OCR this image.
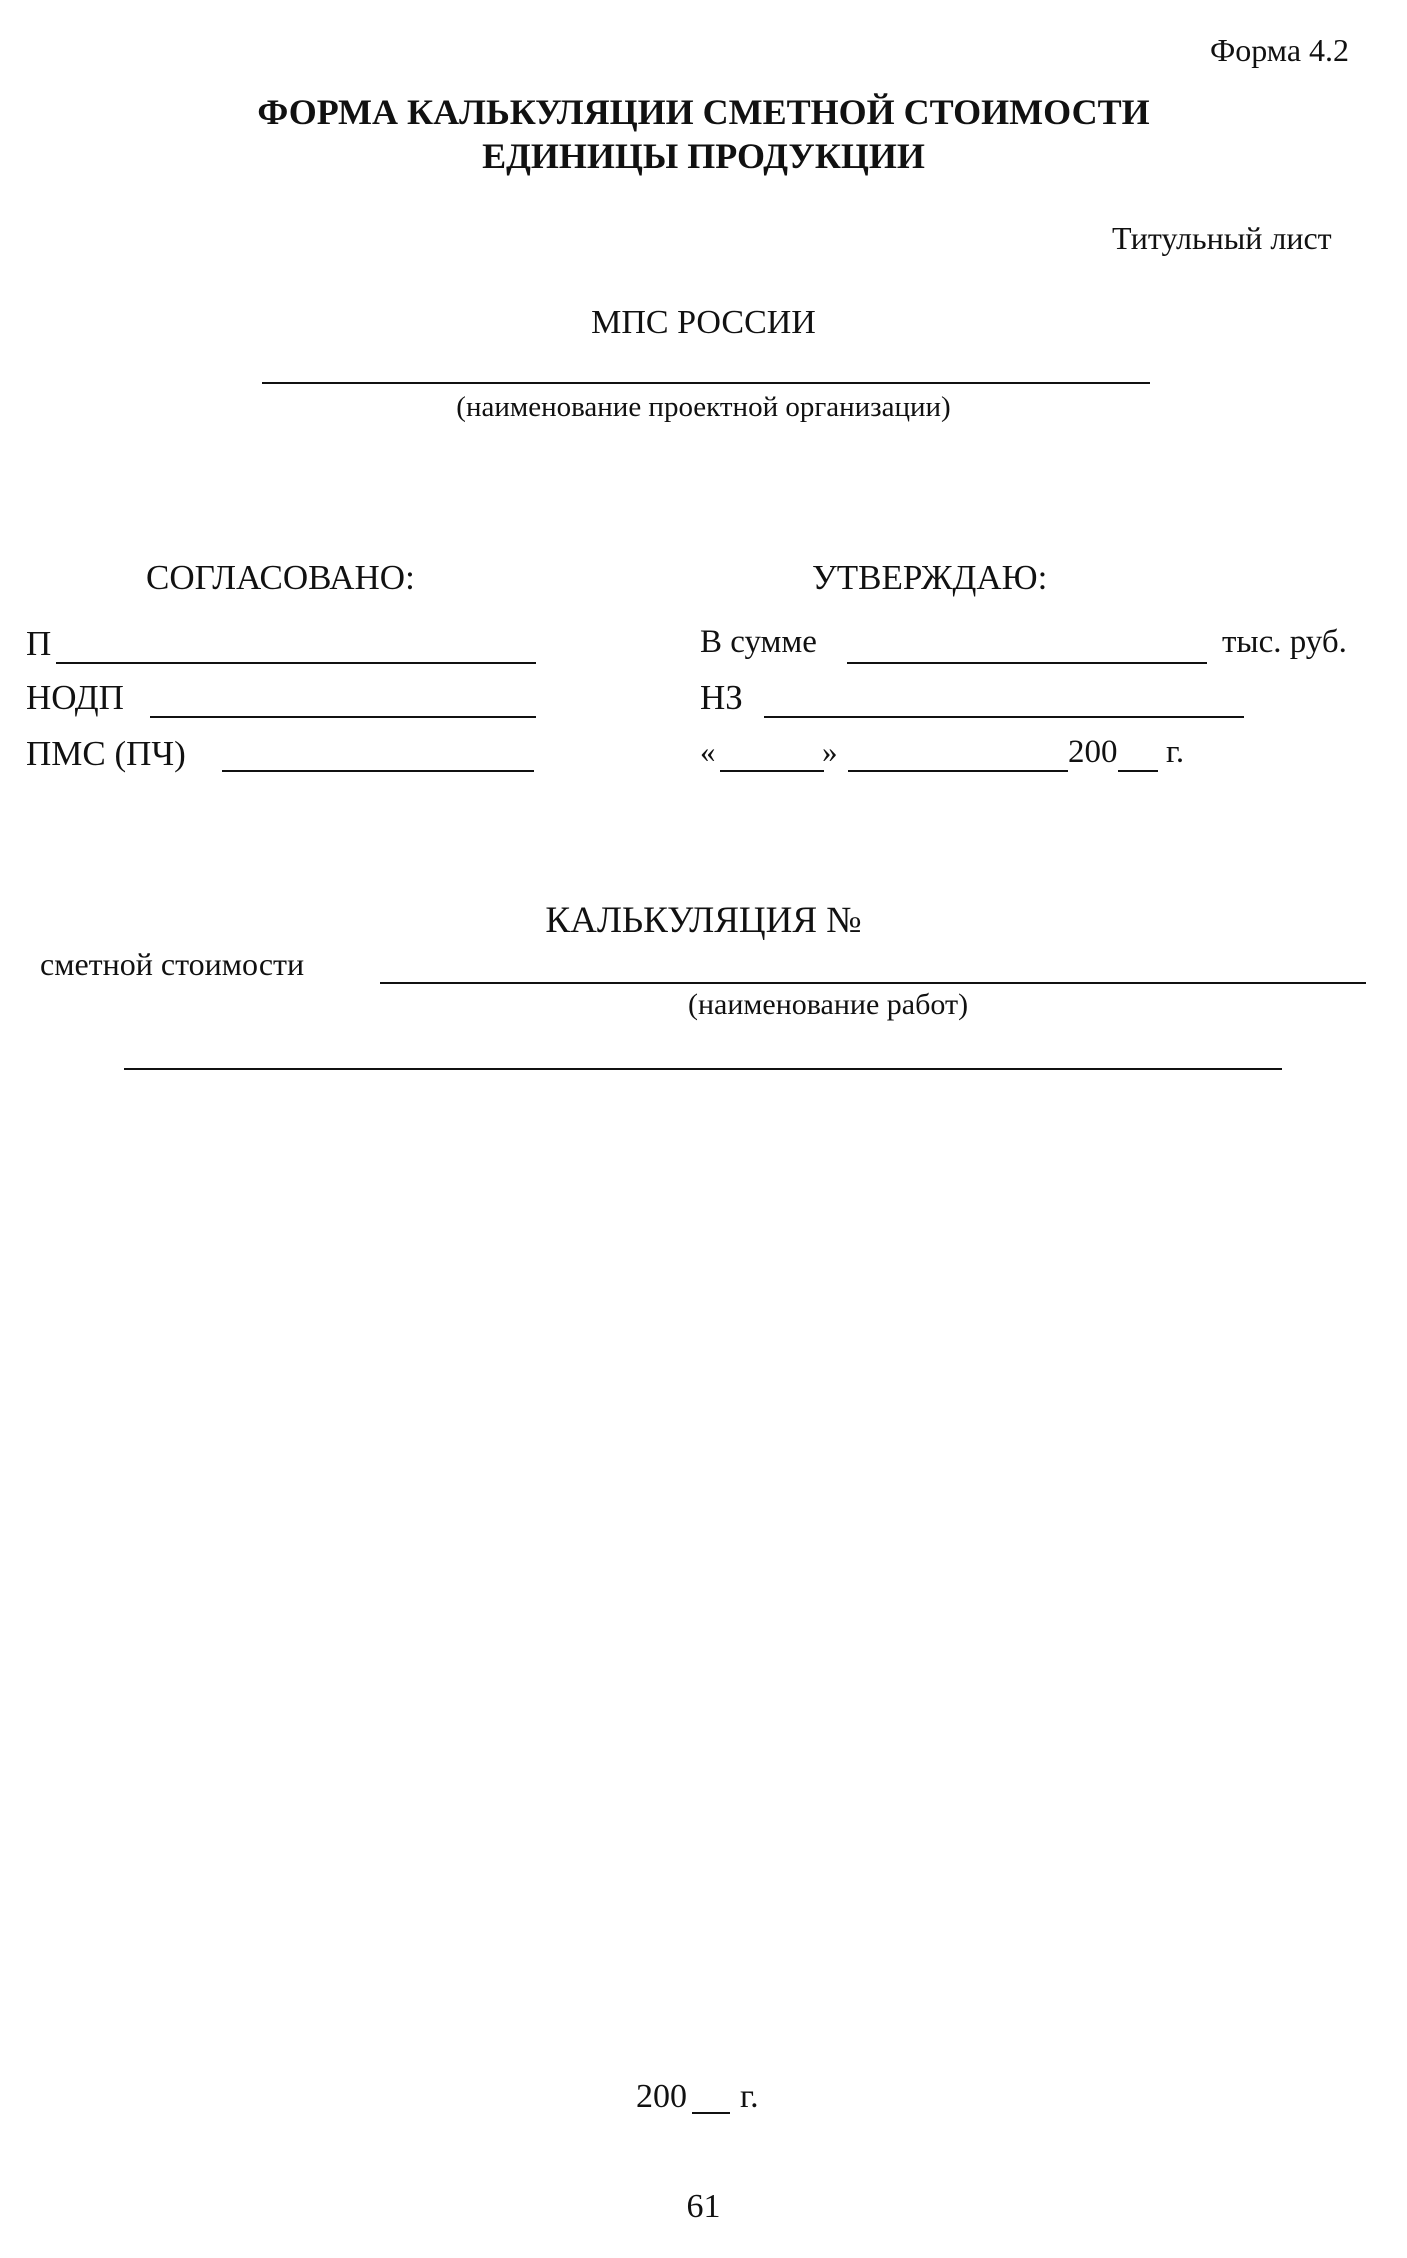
Форма 4.2
ФОРМА КАЛЬКУЛЯЦИИ СМЕТНОЙ СТОИМОСТИ
ЕДИНИЦЫ ПРОДУКЦИИ
Титульный лист
МПС РОССИИ
(наименование проектной организации)
СОГЛАСОВАНО:
П
НОДП
ПМС (ПЧ)
УТВЕРЖДАЮ:
В сумме	тыс. руб.
НЗ
«	»	200 г.
КАЛЬКУЛЯЦИЯ №
сметной стоимости
(наименование работ)
200 г.
61
